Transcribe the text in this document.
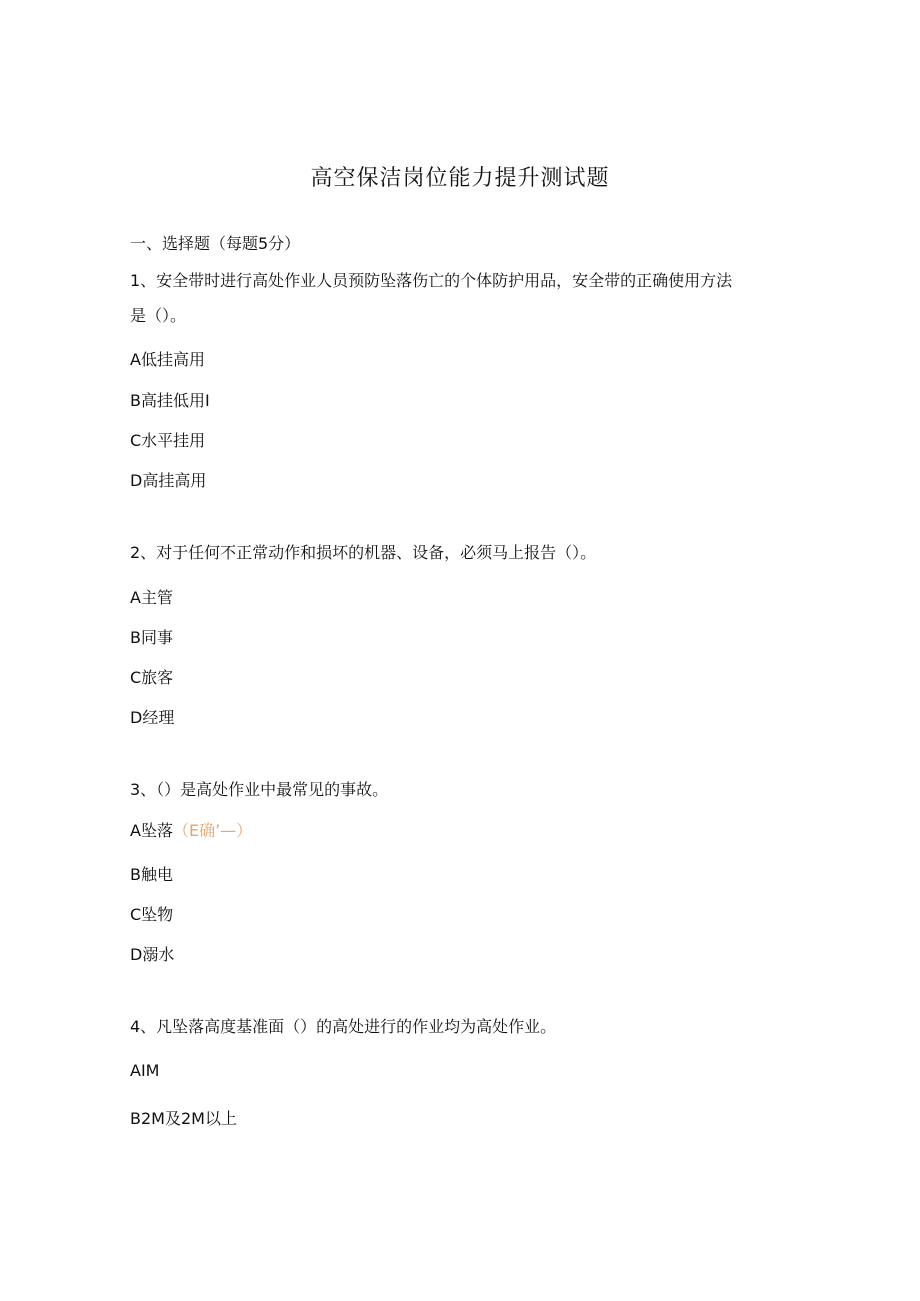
高空保洁岗位能力提升测试题
一、选择题（每题5分）
1、安全带时进行高处作业人员预防坠落伤亡的个体防护用品，安全带的正确使用方法
是（）。
A低挂高用
B高挂低用I
C水平挂用
D高挂高用
2、对于任何不正常动作和损坏的机器、设备，必须马上报告（）。
A主管
B同事
C旅客
D经理
3、（）是高处作业中最常见的事故。
A坠落（E确’—）
B触电
C坠物
D溺水
4、凡坠落高度基准面（）的高处进行的作业均为高处作业。
AIM
B2M及2M以上
